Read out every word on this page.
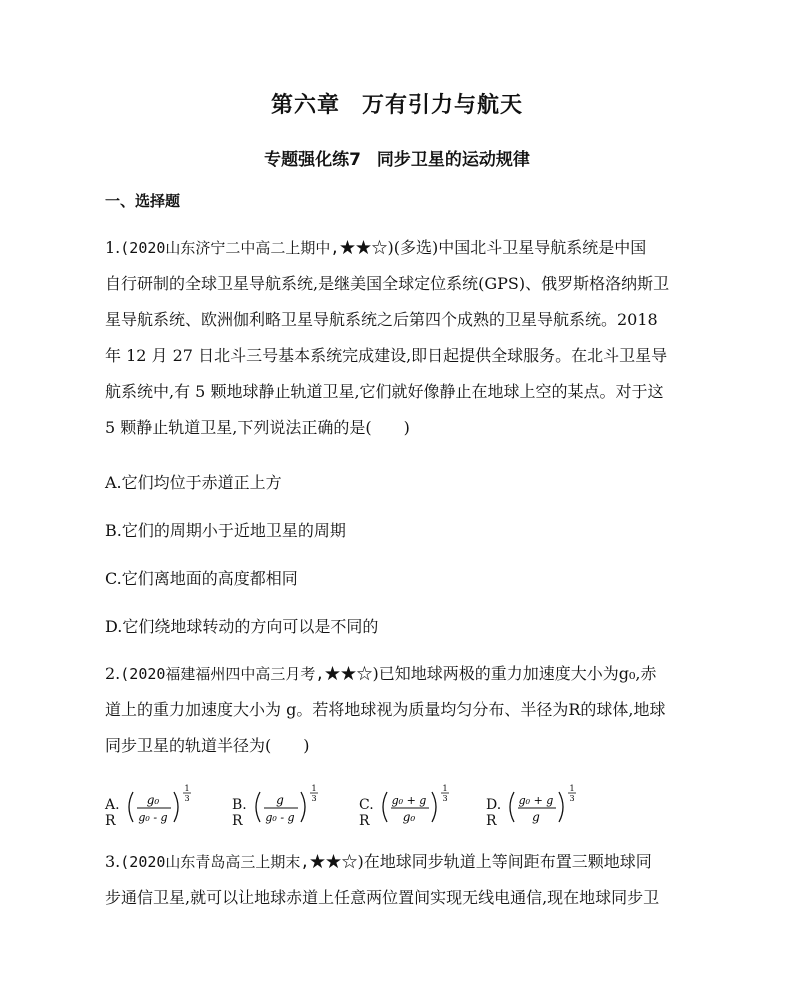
第六章 万有引力与航天
专题强化练7 同步卫星的运动规律
一、选择题
1.(2020山东济宁二中高二上期中,★★☆)(多选)中国北斗卫星导航系统是中国
自行研制的全球卫星导航系统,是继美国全球定位系统(GPS)、俄罗斯格洛纳斯卫
星导航系统、欧洲伽利略卫星导航系统之后第四个成熟的卫星导航系统。2018
年 12 月 27 日北斗三号基本系统完成建设,即日起提供全球服务。在北斗卫星导
航系统中,有 5 颗地球静止轨道卫星,它们就好像静止在地球上空的某点。对于这
5 颗静止轨道卫星,下列说法正确的是(　　)
A.它们均位于赤道正上方
B.它们的周期小于近地卫星的周期
C.它们离地面的高度都相同
D.它们绕地球转动的方向可以是不同的
2.(2020福建福州四中高三月考,★★☆)已知地球两极的重力加速度大小为g₀,赤
道上的重力加速度大小为 g。若将地球视为质量均匀分布、半径为R的球体,地球
同步卫星的轨道半径为(　　)
A. R
g₀
g₀ - g
1
3	B. R
g
g₀ - g
1
3	C. R
g₀ + g
g₀
1
3	D. R
g₀ + g
g
1
3
3.(2020山东青岛高三上期末,★★☆)在地球同步轨道上等间距布置三颗地球同
步通信卫星,就可以让地球赤道上任意两位置间实现无线电通信,现在地球同步卫
